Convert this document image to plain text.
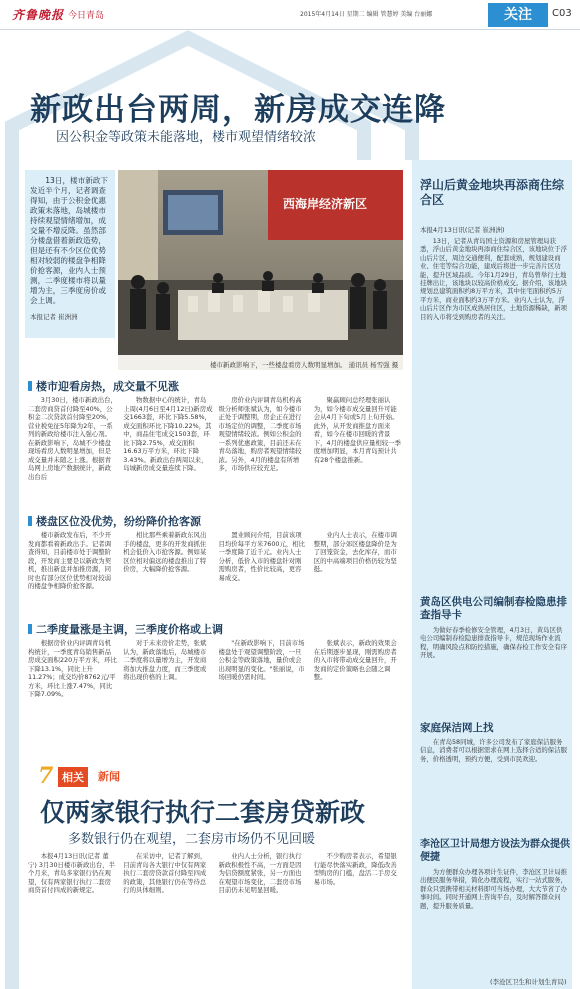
齐鲁晚报 今日青岛	2015年4月14日 星期二 编辑 管慧婷 美编 台丽娜	关注	C03
新政出台两周，新房成交连降
因公积金等政策未能落地，楼市观望情绪较浓
13日，楼市新政下发近半个月，记者调查得知，由于公积金优惠政策未落地，岛城楼市持续观望情绪增加，成交量不增反降。虽然部分楼盘借着新政造势，但是还有不少区位优势相对较弱的楼盘争相降价抢客源，业内人士预测，二季度楼市将以量增为主，三季度房价或会上调。
本报记者 崔洲洲
西海岸经济新区
楼市新政影响下，一些楼盘看房人数明显增加。 通讯员 杨雪强 摄
楼市迎看房热，成交量不见涨
3月30日，楼市新政出台，二套房商贷首付降至40%，公积金二次贷款首付降至20%，营业税免征5年降为2年，一系列的新政给楼市注入强心剂。在新政影响下，岛城不少楼盘现场看房人数明显增加，但是成交量并未随之上涨。根据青岛网上房地产数据统计，新政出台后
物数据中心的统计，青岛上周(4月6日至4月12日)新房成交1663套，环比下降5.58%，成交面积环比下降10.22%，其中，商品住宅成交1503套，环比下降2.75%，成交面积16.63万平方米，环比下降3.43%。新政出台两周以来，岛城新房成交量连续下降。
房价业内评调青岛机构高级分析师张斌认为，如今楼市正处于调整期，房企正在进行市场定位的调整，二季度市场观望情绪较浓。例如公积金的一系列优惠政策，目前还未在青岛落地，购房者观望情绪较浓。另外，4月的楼盘有所增多，市场供应较充足。
聚赢顾问总经理张丽认为，如今楼市成交量回升可能会从4月下旬或5月上旬开始。此外，从开发商推盘方面来看，如今在楼市回暖的背景下，4月的楼盘供应量相较一季度增加明显，本月青岛预计共有28个楼盘推新。
楼盘区位没优势，纷纷降价抢客源
楼市新政发布后，不少开发商都看着新政出手。记者调查得知，目前楼市处于调整阶段，开发商主要是以新政为契机，推出新盘并加推房源，同时也有部分区位优势相对较弱的楼盘争相降价抢客源。
相比那些乘着新政东风出手的楼盘，更多的开发商抓住机会低价入市抢客源。例如某区位相对偏远的楼盘推出了特价房，大幅降价抢客源。
置业顾问介绍，目前该项目均价每平方米7600元，相比一季度降了近千元。业内人士分析，低价入市的楼盘针对刚需购房者，性价比较高，更容易成交。
业内人士表示，在楼市调整期，部分郊区楼盘降价是为了回笼资金，去化库存，而市区的中高端项目价格仍较为坚挺。
二季度量涨是主调，三季度价格或上调
根据房价业内评调青岛机构统计，一季度青岛销售新品房成交面积220万平方米，环比下降13.1%，同比上升11.27%；成交均价8762元/平方米，环比上涨7.47%，同比下降7.09%。
对于未来房价走势，张斌认为，新政落地后，岛城楼市二季度将以量增为主，开发商将加大推盘力度，而三季度或将出现价格的上调。
"在新政影响下，目前市场楼盘处于观望调整阶段，一旦公积金等政策落地，量价或会出现明显的变化。"张丽说，市场回暖仍需时间。
张斌表示，新政的效果会在后期逐步显现，刚需购房者的入市将带动成交量回升，开发商的定价策略也会随之调整。
7 相关	新闻
仅两家银行执行二套房贷新政
多数银行仍在观望，二套房市场仍不见回暖
本报4月13日讯(记者 董宁) 3月30日楼市新政出台，半个月来，青岛多家银行仍在观望，仅有两家银行执行二套房商贷首付四成的新规定。
在采访中，记者了解到，目前青岛各大银行中仅有两家执行二套房贷款首付降至四成的政策，其他银行仍在等待总行的具体细则。
业内人士分析，银行执行新政积极性不高，一方面是因为信贷额度紧张，另一方面也在观望市场变化，二套房市场目前仍未见明显回暖。
不少购房者表示，希望银行能尽快落实新政，降低改善型购房的门槛，盘活二手房交易市场。
浮山后黄金地块再添商住综合区
本报4月13日讯(记者 崔洲洲)
13日，记者从青岛国土资源和房屋管理局获悉，浮山后黄金地块再添商住综合区，该地块位于浮山后片区，周边交通便利，配套成熟，规划建设商业、住宅等综合功能，建成后将进一步完善片区功能，提升区域品质。今年1月29日，青岛曾举行土地挂牌出让，该地块以较高价格成交。据介绍，该地块规划总建筑面积约8万平方米，其中住宅面积约5万平方米，商业面积约3万平方米。业内人士认为，浮山后片区作为市区成熟居住区，土地资源稀缺，新项目的入市将受到购房者的关注。
黄岛区供电公司编制春检隐患排查指导卡
为做好春季检修安全管理，4月3日，黄岛区供电公司编制春检隐患排查指导卡，规范现场作业流程，明确风险点和防控措施，确保春检工作安全有序开展。
家庭保洁网上找
在青岛58同城，许多公司发布了家庭保洁服务信息，消费者可以根据需求在网上选择合适的保洁服务，价格透明，预约方便，受到市民欢迎。
李沧区卫计局想方设法为群众提供便捷
为方便群众办理各项计生证件，李沧区卫计局推出便民服务举措，简化办理流程，实行一站式服务，群众只需携带相关材料即可当场办理，大大节省了办事时间。同时开通网上咨询平台，及时解答群众问题，提升服务质量。
(李沧区卫生和计划生育局)
